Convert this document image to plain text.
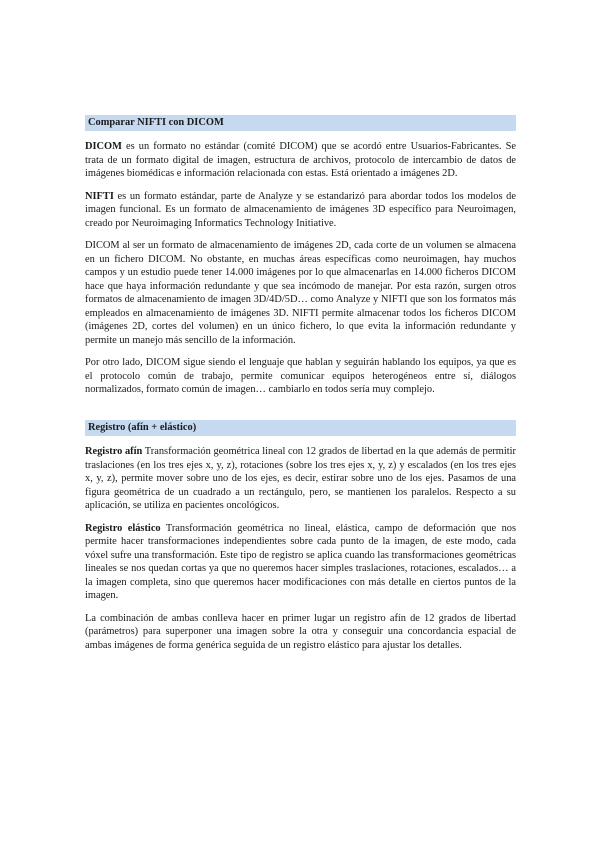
Comparar NIFTI con DICOM

DICOM es un formato no estándar (comité DICOM) que se acordó entre Usuarios-Fabricantes. Se trata de un formato digital de imagen, estructura de archivos, protocolo de intercambio de datos de imágenes biomédicas e información relacionada con estas. Está orientado a imágenes 2D.

NIFTI es un formato estándar, parte de Analyze y se estandarizó para abordar todos los modelos de imagen funcional. Es un formato de almacenamiento de imágenes 3D específico para Neuroimagen, creado por Neuroimaging Informatics Technology Initiative.

DICOM al ser un formato de almacenamiento de imágenes 2D, cada corte de un volumen se almacena en un fichero DICOM. No obstante, en muchas áreas específicas como neuroimagen, hay muchos campos y un estudio puede tener 14.000 imágenes por lo que almacenarlas en 14.000 ficheros DICOM hace que haya información redundante y que sea incómodo de manejar. Por esta razón, surgen otros formatos de almacenamiento de imagen 3D/4D/5D… como Analyze y NIFTI que son los formatos más empleados en almacenamiento de imágenes 3D. NIFTI permite almacenar todos los ficheros DICOM (imágenes 2D, cortes del volumen) en un único fichero, lo que evita la información redundante y permite un manejo más sencillo de la información.

Por otro lado, DICOM sigue siendo el lenguaje que hablan y seguirán hablando los equipos, ya que es el protocolo común de trabajo, permite comunicar equipos heterogéneos entre sí, diálogos normalizados, formato común de imagen… cambiarlo en todos sería muy complejo.

Registro (afín + elástico)

Registro afín Transformación geométrica lineal con 12 grados de libertad en la que además de permitir traslaciones (en los tres ejes x, y, z), rotaciones (sobre los tres ejes x, y, z) y escalados (en los tres ejes x, y, z), permite mover sobre uno de los ejes, es decir, estirar sobre uno de los ejes. Pasamos de una figura geométrica de un cuadrado a un rectángulo, pero, se mantienen los paralelos. Respecto a su aplicación, se utiliza en pacientes oncológicos.

Registro elástico Transformación geométrica no lineal, elástica, campo de deformación que nos permite hacer transformaciones independientes sobre cada punto de la imagen, de este modo, cada vóxel sufre una transformación. Este tipo de registro se aplica cuando las transformaciones geométricas lineales se nos quedan cortas ya que no queremos hacer simples traslaciones, rotaciones, escalados… a la imagen completa, sino que queremos hacer modificaciones con más detalle en ciertos puntos de la imagen.

La combinación de ambas conlleva hacer en primer lugar un registro afín de 12 grados de libertad (parámetros) para superponer una imagen sobre la otra y conseguir una concordancia espacial de ambas imágenes de forma genérica seguida de un registro elástico para ajustar los detalles.
